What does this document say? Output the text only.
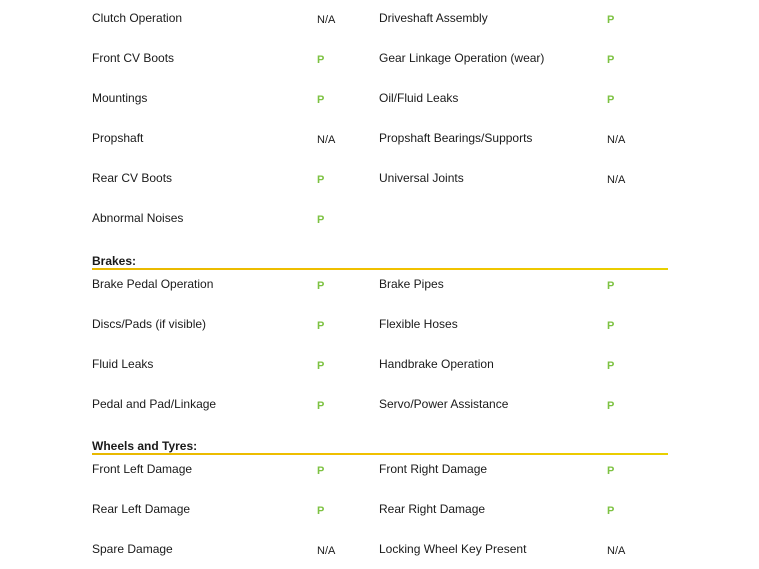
Clutch Operation	N/A	Driveshaft Assembly	P
Front CV Boots	P	Gear Linkage Operation (wear)	P
Mountings	P	Oil/Fluid Leaks	P
Propshaft	N/A	Propshaft Bearings/Supports	N/A
Rear CV Boots	P	Universal Joints	N/A
Abnormal Noises	P
Brakes:
Brake Pedal Operation	P	Brake Pipes	P
Discs/Pads (if visible)	P	Flexible Hoses	P
Fluid Leaks	P	Handbrake Operation	P
Pedal and Pad/Linkage	P	Servo/Power Assistance	P
Wheels and Tyres:
Front Left Damage	P	Front Right Damage	P
Rear Left Damage	P	Rear Right Damage	P
Spare Damage	N/A	Locking Wheel Key Present	N/A
